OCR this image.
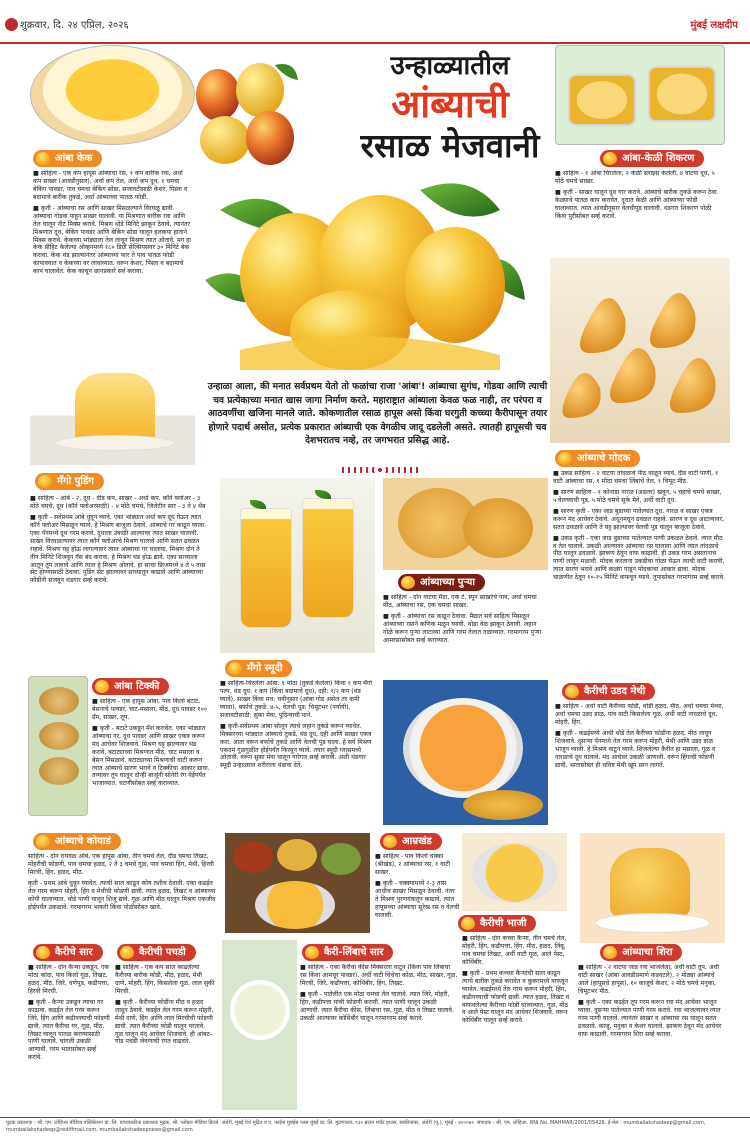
शुक्रवार, दि. २४ एप्रिल, २०२६	मुंबई लक्षदीप
उन्हाळ्यातील
आंब्याची
रसाळ मेजवानी
आंबा केक

■ साहित्य - एक कप हापूस आंब्याचा रस, १ कप बारीक रवा, अर्धा कप साखर (आवडीनुसार), अर्धा कप तेल, अर्धा कप दूध, १ चमचा बेकिंग पावडर, पाव चमचा बेकिंग सोडा, सजावटीसाठी केशर, पिस्ता व बदामाचे बारीक तुकडे, अर्धा आंब्याच्या पातळ फोडी.

■ कृती - आंब्याचा रस आणि साखर मिसळल्याने विरघळू द्यावी. आंब्याचा गोडवा पाहून साखर घालावी. या मिश्रणात बारीक रवा आणि तेल घालून नीट मिक्स करावे. मिश्रण थोडे मिनिटे झाकून ठेवावे, त्यानंतर मिश्रणात दूध, बेकिंग पावडर आणि बेकिंग सोडा घालून हलकया हाताने मिक्स करावे. केकच्या भांड्याला तेल लावून मिश्रण त्यात ओतावे. मग हा केक प्रीहिट केलेल्या ओव्हनमध्ये १८० डिग्री सेल्सियसवर ३० मिनिटे बेक करावा. केक थंड झाल्यानंतर आंब्याच्या फार ते पाव पातळ फोडी कापावयात व केकच्या वर लावाव्यात. वरून केशर, पिस्ता व बदामाचे काप घालावेत. केक काचून छानप्रकारे सर्व करावा.

मँगो पुडिंग

■ साहित्य - आंबे - २, दूध - दीड कप, साखर - अर्धा कप, कॉर्न फ्लोअर - ३ मोठे चमचे, दूध (कॉर्न फ्लोअरसाठी) - ४ मोठे चमचे, जिलेटीन सार - ३ ते ४ थेंब

■ कृती - सर्वप्रथम आंबे धुवून घ्यावे. एका भांड्यात अर्धा कप दूध घेऊन त्यात कॉर्न फ्लोअर मिसळून घ्यावे. हे मिश्रण बाजूला ठेवावे. आंब्याचे गर काढून घ्यावा. एका पॅनमध्ये दूध गरम करावे. दुधाला उकळी आल्यावर त्यात साखर घालावी. साखर विरघळल्यावर त्यात कॉर्न फ्लोअरचे मिश्रण घालावे आणि सतत ढवळत राहावे. मिश्रण घट्ट होऊ लागल्यावर त्यात आंब्याचा गर घालावा. मिश्रण दोन ते तीन मिनिटे शिजवून गॅस बंद करावा. हे मिश्रण थंड होऊ द्यावे. एका साच्याला आतून तूप लावावे आणि त्यात हे मिश्रण ओतावे. हा साचा फ्रिजमध्ये ४ ते ५ तास सेट होण्यासाठी ठेवावा. पुडिंग सेट झाल्यावर साच्यातून काढावे आणि आंब्याच्या फोडींनी सजवून थंडगार सर्व्ह करावे.

आंबा-केळी शिकरण

■ साहित्य - १ आंबा चिरलेला, २ केळी स्लाइस केलेली, ४ वाटया दूध, ५ मोठे चमचे साखर.

■ कृती - साखर घालून दूध गार करावे. आंब्याचे बारीक तुकडे करून ठेवा. केळ्याचे पातळ काप करावेत. दूधात केळी आणि आंब्याच्या फोडी घालाव्यात. त्यात आवडीनुसार वेलचीपूड घालावी. थंडगार शिकरण पोळी किंवा पुरीसोबत सर्व्ह करावे.

आंब्याचे मोदक

■ उकड साहित्य - २ वाटया तांदळाचे पीठ वाळून घ्यावे, दीड वाटी पाणी, १ वाटी आंब्याचा रस, १ मोठा चमचा लिंबाचे तेल, १ चिमूट मीठ.

■ सारण साहित्य - १ कोनाडा नारळ (अडलर) खवून, ५ चहाचे चमचे साखर, ५ वेलच्याची पूड, ५ मोठे चमचे सुके मेवे, अर्धी वाटी दूध.

■ सारण कृती - एका जाड बुडाच्या पातेल्यात दूध, नारळ व साखर एकत्र करून मंद आचेवर ठेवावे. अधूनमधून ढवळत राहावे. सारण व दूध आटल्यावर, सतत ढवळावे आणि ते घट्ट झाल्यावर वेलची पूड घालून बाजूला ठेवावे.

■ उकड कृती - एका जाड बुडाच्या पातेल्यात पाणी उकळत ठेवावे. त्यात मीठ व तेल घालावे. उकळी आल्यावर आंब्याचा रस घालावा आणि त्यात तांदळाचे पीठ घालून ढवळावे. झाकण ठेवून वाफ काढावी. ही उकड गरम असतानाच पाणी लावून मळावी. मोदक करताना उकडीचा गोळा घेऊन त्याची वाटी करावी, त्यात सारण भरावे आणि कळ्या पाडून मोदकाचा आकार द्यावा. मोदक चाळणीत ठेवून १०-१५ मिनिटे वाफवून घ्यावे. तुपासोबत गरमागरम सर्व्ह करावे.

उन्हाळा आला, की मनात सर्वप्रथम येतो तो फळांचा राजा 'आंबा'! आंब्याचा सुगंध, गोडवा आणि त्याची चव प्रत्येकाच्या मनात खास जागा निर्माण करते. महाराष्ट्रात आंब्याला केवळ फळ नाही, तर परंपरा व आठवणींचा खजिना मानले जाते. कोकणातील रसाळ हापूस असो किंवा घरगुती कच्च्या कैरीपासून तयार होणारे पदार्थ असोत, प्रत्येक प्रकारात आंब्याची एक वेगळीच जादू दडलेली असते. त्यातही हापूसची चव देशभरातच नव्हे, तर जगभरात प्रसिद्ध आहे.
आंब्याच्या पुऱ्या

■ साहित्य - दोन वाटया मैदा, एक टे. स्पून साखरेचे पाव, अर्धा चमचा मीठ, आंब्याचा रस, एक चमचा साखर.

■ कृती - आंब्याचा रस काढून ठेवावा. मैद्यात सर्व साहित्य मिसळून आंब्याच्या रसाने कणिक मळून घ्यावी. थोडा वेळ झाकून ठेवावी. लहान गोळे करून पुऱ्या लाटाव्या आणि गरम तेलात तळाव्यात. गरमागरम पुऱ्या आमरसासोबत सर्व्ह कराव्यात.

आंबा टिक्की

■ साहित्य - एक हापूस आंबा, पाव किलो बटाटे, बेसनाचे पावडर, चाट-मसाला, मीठ, दूध पावडर १०० ग्रॅम, साखर, तूप.

■ कृती - बटाटे उकडून मॅश करावेत. एका भांड्यात आंब्याचा गर, दूध पावडर आणि साखर एकत्र करून मंद आचेवर शिजवावे. मिश्रण घट्ट झाल्यावर थंड करावे. बटाट्याच्या मिश्रणात मीठ, चाट मसाला व बेसन मिसळावे. बटाट्याच्या मिश्रणाची वाटी करून त्यात आंब्याचे सारण भरावे व टिक्कीचा आकार द्यावा. तव्यावर तूप घालून दोन्ही बाजूंनी सोनेरी रंग येईपर्यंत भाजाव्यात. चटणीसोबत सर्व्ह कराव्यात.

मँगो स्मूदी

■ साहित्य-चिरलेला आंबा: १ मोठा (तुकडे केलेला) किंवा १ कप मॅंगो पल्प, थंड दूध: १ कप (किंवा बदामाचे दूध), दही: १/२ कप (थंड घ्यावे), साखर किंवा मध: चवीनुसार (आंबा गोड असेल तर कमी घ्यावा), बर्फाचे तुकडे: ४-५, वेलची पूड: चिमूटभर (पर्यायी), सजावटीसाठी: सुका मेवा, पुदिन्याची पाने.

■ कृती-सर्वप्रथम आंबा सोलून त्याचे लहान तुकडे करून घ्यावेत. मिक्सरच्या भांड्यात आंब्याचे तुकडे, थंड दूध, दही आणि साखर एकत्र करा. आता वरून बर्फाचे तुकडे आणि वेलची पूड घाला. हे सर्व मिश्रण एकदम गुळगुळीत होईपर्यंत फिरवून घ्यावे. तयार स्मूदी ग्लासमध्ये ओतावी. वरून सुका मेवा घालून गारेगार सर्व्ह करावी. अशी थंडगार स्मूदी उन्हाळ्यात शरीराला थंडावा देते.

कैरीची उडद मेथी

■ साहित्य - अर्धा वाटी कैरीच्या फोडी, थोडी हळद, मीठ, अर्धा चमचा मेथ्या, अर्धा चमचा उडद डाळ, पाव वाटी किसलेला गूळ, अर्धी वाटी नारळाचे दूध, मोहरी, हिंग.

■ कृती - कढईमध्ये आधी थोडे तेल कैरीच्या फोडींना हळद, मीठ लावून शिजवावे. दुसऱ्या पॅनमध्ये तेल गरम करून मोहरी, मेथी आणि उडद डाळ भाजून घ्यावी. हे मिश्रण वाटून घ्यावे. शिजलेल्या कैरीत हा मसाला, गूळ व नारळाचे दूध घालावे. मंद आचेवर उकळी आणावी. वरून हिंगाची फोडणी द्यावी. भातासोबत ही चविष्ट मेथी खूप छान लागते.

आंब्याचे कोयाडं

साहित्य - दोन रायवळ आंबे, एक हापूस आंबा, तीन चमचे तेल, दीड चमचा तिखट, मोहरीची फोडणी, पाव चमचा हळद, २ ते ३ चमचे गूळ, पाव चमचा हिंग, मेथी, हिरवी मिरची, हिंग, हळद, मीठ.

कृती - प्रथम आंबे धुवून घ्यावेत. त्याची साल काढून कोय तशीच ठेवावी. एका कढईत तेल गरम करून मोहरी, हिंग व मेथीची फोडणी द्यावी. त्यात हळद, तिखट व आंब्याच्या कोयी घालाव्यात. थोडे पाणी घालून शिजू द्यावे. गूळ आणि मीठ घालून मिश्रण एकजीव होईपर्यंत उकळावे. गरमागरम भाकरी किंवा पोळीसोबत खावे.

आम्रखंड

■ साहित्य - पाव किलो चक्का (श्रीखंड), २ आंब्याचा रस, १ वाटी साखर.

■ कृती - चक्क्यामध्ये २-३ तास आधीच साखर मिसळून ठेवावी. नंतर ते मिश्रण पुरणयंत्रातून काढावे. त्यात हापूसच्या आंब्याचा सुरेख रस व वेलची घालावी.

कैरीची भाजी

■ साहित्य - दोन कच्चा कैऱ्या, तीन चमचे तेल, मोहरी, हिंग, कढीपत्ता, हिंग, मीठ, हळद, लिंबू, पाव चमचा तिखट, अर्धी वाटी गूळ, आले पेस्ट, कोथिंबीर.

■ कृती - प्रथम कच्च्या कैऱ्यांची साल काढून त्याचे बारीक तुकडे करावेत व कुकरमध्ये वाफवून घ्यावेत. कढईमध्ये तेल गरम करून मोहरी, हिंग, कढीपत्त्याची फोडणी द्यावी. त्यात हळद, तिखट व वाफवलेल्या कैरीच्या फोडी घालाव्यात. गूळ, मीठ व आले पेस्ट घालून मंद आचेवर शिजवावे. वरून कोथिंबीर घालून सर्व्ह करावे.

कैरीचे सार

■ साहित्य - दोन कैऱ्या उकडून, एक मोठा कांदा, पाव किलो गूळ, तिखट, हळद, मीठ, जिरे, धणेपूड, कढीपत्ता, हिरवी मिरची.

■ कृती - कैऱ्या उकडून त्याचा गर काढावा. कढईत तेल गरम करून जिरे, हिंग आणि कढीपत्त्याची फोडणी द्यावी. त्यात कैरीचा गर, गूळ, मीठ, तिखट घालून पातळ करण्यासाठी पाणी घालावे. चांगली उकळी आणावी. गरम भातासोबत सर्व्ह करावे.

कैरीची पचडी

■ साहित्य - एक कप साल काढलेल्या कैरीच्या बारीक फोडी, मीठ, हळद, मेथी दाणे, मोहरी, हिंग, किसलेला गूळ, लाल सुकी मिरची.

■ कृती - कैरीच्या फोडींना मीठ व हळद लावून ठेवावे. कढईत तेल गरम करून मोहरी, मेथी दाणे, हिंग आणि लाल मिरचीची फोडणी द्यावी. त्यात कैरीच्या फोडी घालून परतावे. गूळ घालून मंद आचेवर शिजवावे. ही आंबट-गोड पचडी जेवणाची रंगत वाढवते.

कैरी-लिंबाचे सार

■ साहित्य - एका कैरीचा कीस मिक्सरला वाटून (किंवा पाव लिंबाचा रस किंवा आमचूर पावडर), अर्धी वाटी चिंचेचा कोळ, मीठ, साखर, गूळ, मिरची, जिरे, कढीपत्ता, कोथिंबीर, हिंग, तिखट.

■ कृती - पातेलीत एक मोठा चमचा तेल घालावे. त्यात जिरे, मोहरी, हिंग, कढीपत्ता यांची फोडणी करावी. त्यात पाणी घालून उकळी आणावी. त्यात कैरीचा कीस, लिंबाचा रस, गूळ, मीठ व तिखट घालावे. उकळी आल्यावर कोथिंबीर घालून गरमागरम सर्व्ह करावे.

आंब्याचा शिरा

■ साहित्य - २ वाटया जाड रवा भाजलेला, अर्धी वाटी तूप, अर्धी वाटी साखर (आंबा आवडीप्रमाणे कडवटले), २ मोठ्या आंब्याचे आले (हापूसचे हापूस), १० काजूचे केशर, २ मोठे चमचे मनुका, चिमूटभर मीठ.

■ कृती - एका कढईत तूप गरम करून रवा मंद आचेवर भाजून घ्यावा. दुसऱ्या पातेल्यात पाणी गरम करावे. रवा भाजल्यावर त्यात गरम पाणी घालावे. त्यानंतर साखर व आंब्याचा रस घालून सतत ढवळावे. काजू, मनुका व केशर घालावे. झाकण ठेवून मंद आचेवर वाफ काढावी. गरमागरम शिरा सर्व्ह करावा.

मुद्रक प्रकाशक - श्री. एम. लोहिआ मीडिया पब्लिकेशन प्रा. लि. यांच्याकरिता प्रकाशक मुद्रक, श्री. ग्लोबल मीडिया प्रिंटर्स, अंधेरी, मुंबई येथे मुद्रित व ए. फाईस मुबईस प्लस मुंबई प्रा. लि. मुद्रणालय. ९३२ ब्राउन मर्चंट हाउस, साकीनाका, अंधेरी (पू.), मुंबई - ४०००७२. संपादक - श्री. एम. लोहिआ. RNI No. MAHMAR/2001/05426. ई-मेल : mumbailakshadeep@gmail.com, mumbailakshadeep@rediffmail.com, mumbailakshadeepnews@gmail.com
